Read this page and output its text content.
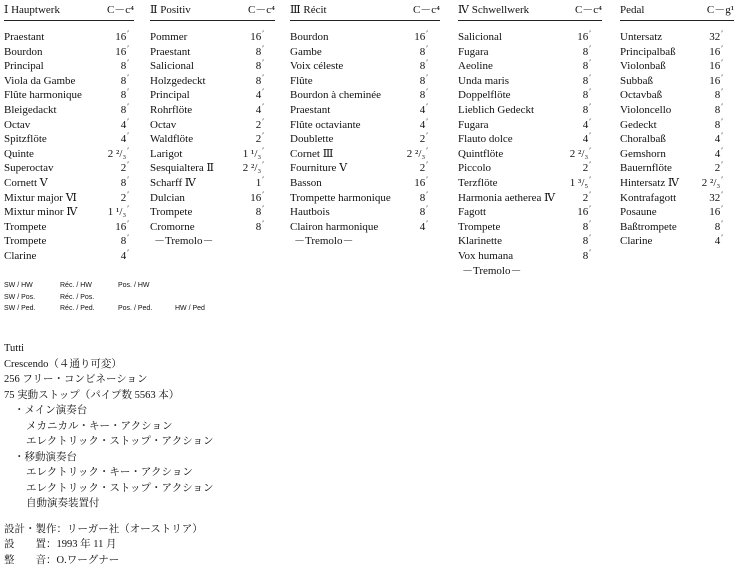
Ⅰ Hauptwerk	C－c⁴
Praestant	16 ′
Bourdon	16 ′
Principal	8 ′
Viola da Gambe	8 ′
Flûte harmonique	8 ′
Bleigedackt	8 ′
Octav	4 ′
Spitzflöte	4 ′
Quinte	2 ²/₃ ′
Superoctav	2 ′
Cornett Ⅴ	8 ′
Mixtur major Ⅵ	2 ′
Mixtur minor Ⅳ	1 ¹/₃ ′
Trompete	16 ′
Trompete	8 ′
Clarine	4 ′
Ⅱ Positiv	C－c⁴
Pommer	16 ′
Praestant	8 ′
Salicional	8 ′
Holzgedeckt	8 ′
Principal	4 ′
Rohrflöte	4 ′
Octav	2 ′
Waldflöte	2 ′
Larigot	1 ¹/₃ ′
Sesquialtera Ⅱ	2 ²/₃ ′
Scharff Ⅳ	1 ′
Dulcian	16 ′
Trompete	8 ′
Cromorne	8 ′
－Tremolo－
Ⅲ Récit	C－c⁴
Bourdon	16 ′
Gambe	8 ′
Voix céleste	8 ′
Flûte	8 ′
Bourdon à cheminée	8 ′
Praestant	4 ′
Flûte octaviante	4 ′
Doublette	2 ′
Cornet Ⅲ	2 ²/₃ ′
Fourniture Ⅴ	2 ′
Basson	16 ′
Trompette harmonique	8 ′
Hautbois	8 ′
Clairon harmonique	4 ′
－Tremolo－
Ⅳ Schwellwerk	C－c⁴
Salicional	16 ′
Fugara	8 ′
Aeoline	8 ′
Unda maris	8 ′
Doppelflöte	8 ′
Lieblich Gedeckt	8 ′
Fugara	4 ′
Flauto dolce	4 ′
Quintflöte	2 ²/₃ ′
Piccolo	2 ′
Terzflöte	1 ³/₅ ′
Harmonia aetherea Ⅳ	2 ′
Fagott	16 ′
Trompete	8 ′
Klarinette	8 ′
Vox humana	8 ′
－Tremolo－
Pedal	C－g¹
Untersatz	32 ′
Principalbaß	16 ′
Violonbaß	16 ′
Subbaß	16 ′
Octavbaß	8 ′
Violoncello	8 ′
Gedeckt	8 ′
Choralbaß	4 ′
Gemshorn	4 ′
Bauernflöte	2 ′
Hintersatz Ⅳ	2 ²/₃ ′
Kontrafagott	32 ′
Posaune	16 ′
Baßtrompete	8 ′
Clarine	4 ′
SW / HW	Réc. / HW	Pos. / HW
SW / Pos.	Réc. / Pos.
SW / Ped.	Réc. / Ped.	Pos. / Ped.	HW / Ped
Tutti
Crescendo（４通り可変）
256 フリー・コンビネーション
75 実動ストップ（パイプ数 5563 本）
・メイン演奏台
メカニカル・キー・アクション
エレクトリック・ストップ・アクション
・移動演奏台
エレクトリック・キー・アクション
エレクトリック・ストップ・アクション
自動演奏装置付
設計・製作：リーガー社（オーストリア）
設　　置：1993 年 11 月
整　　音：O.ワーグナー
